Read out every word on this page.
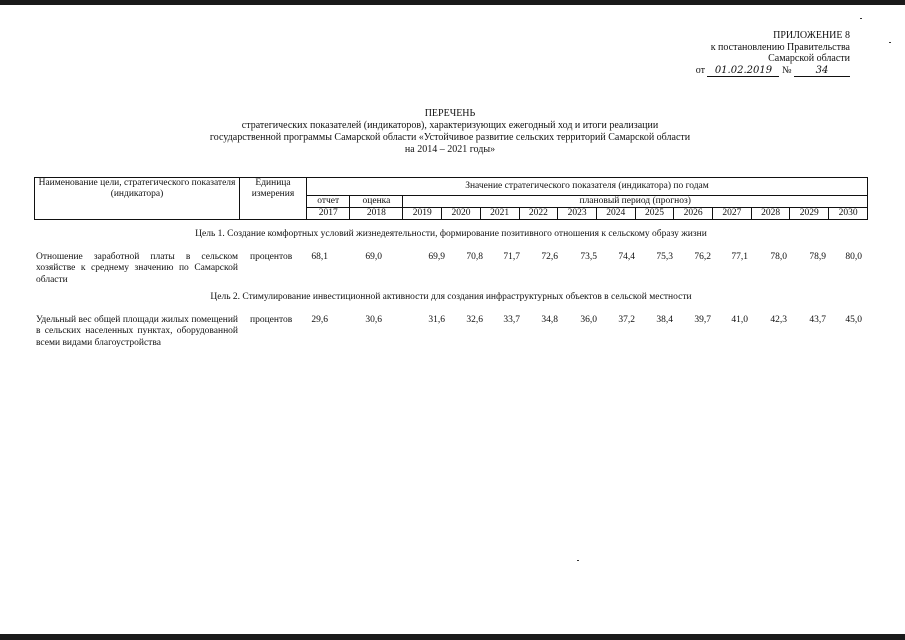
ПРИЛОЖЕНИЕ 8
к постановлению Правительства
Самарской области
от 01.02.2019 № 34
ПЕРЕЧЕНЬ
стратегических показателей (индикаторов), характеризующих ежегодный ход и итоги реализации
государственной программы Самарской области «Устойчивое развитие сельских территорий Самарской области
на 2014 – 2021 годы»
Наименование цели, стратегического показателя (индикатора)	Единица измерения	Значение стратегического показателя (индикатора) по годам													
		отчет	оценка	плановый период (прогноз)											
		2017	2018	2019	2020	2021	2022	2023	2024	2025	2026	2027	2028	2029	2030
Цель 1. Создание комфортных условий жизнедеятельности, формирование позитивного отношения к сельскому образу жизни
Отношение заработной платы в сельском хозяйстве к среднему значению по Самарской области
процентов	68,1	69,0	69,9	70,8	71,7	72,6	73,5	74,4	75,3	76,2	77,1	78,0	78,9	80,0
Цель 2. Стимулирование инвестиционной активности для создания инфраструктурных объектов в сельской местности
Удельный вес общей площади жилых помещений в сельских населенных пунктах, оборудованной всеми видами благоустройства
процентов	29,6	30,6	31,6	32,6	33,7	34,8	36,0	37,2	38,4	39,7	41,0	42,3	43,7	45,0
